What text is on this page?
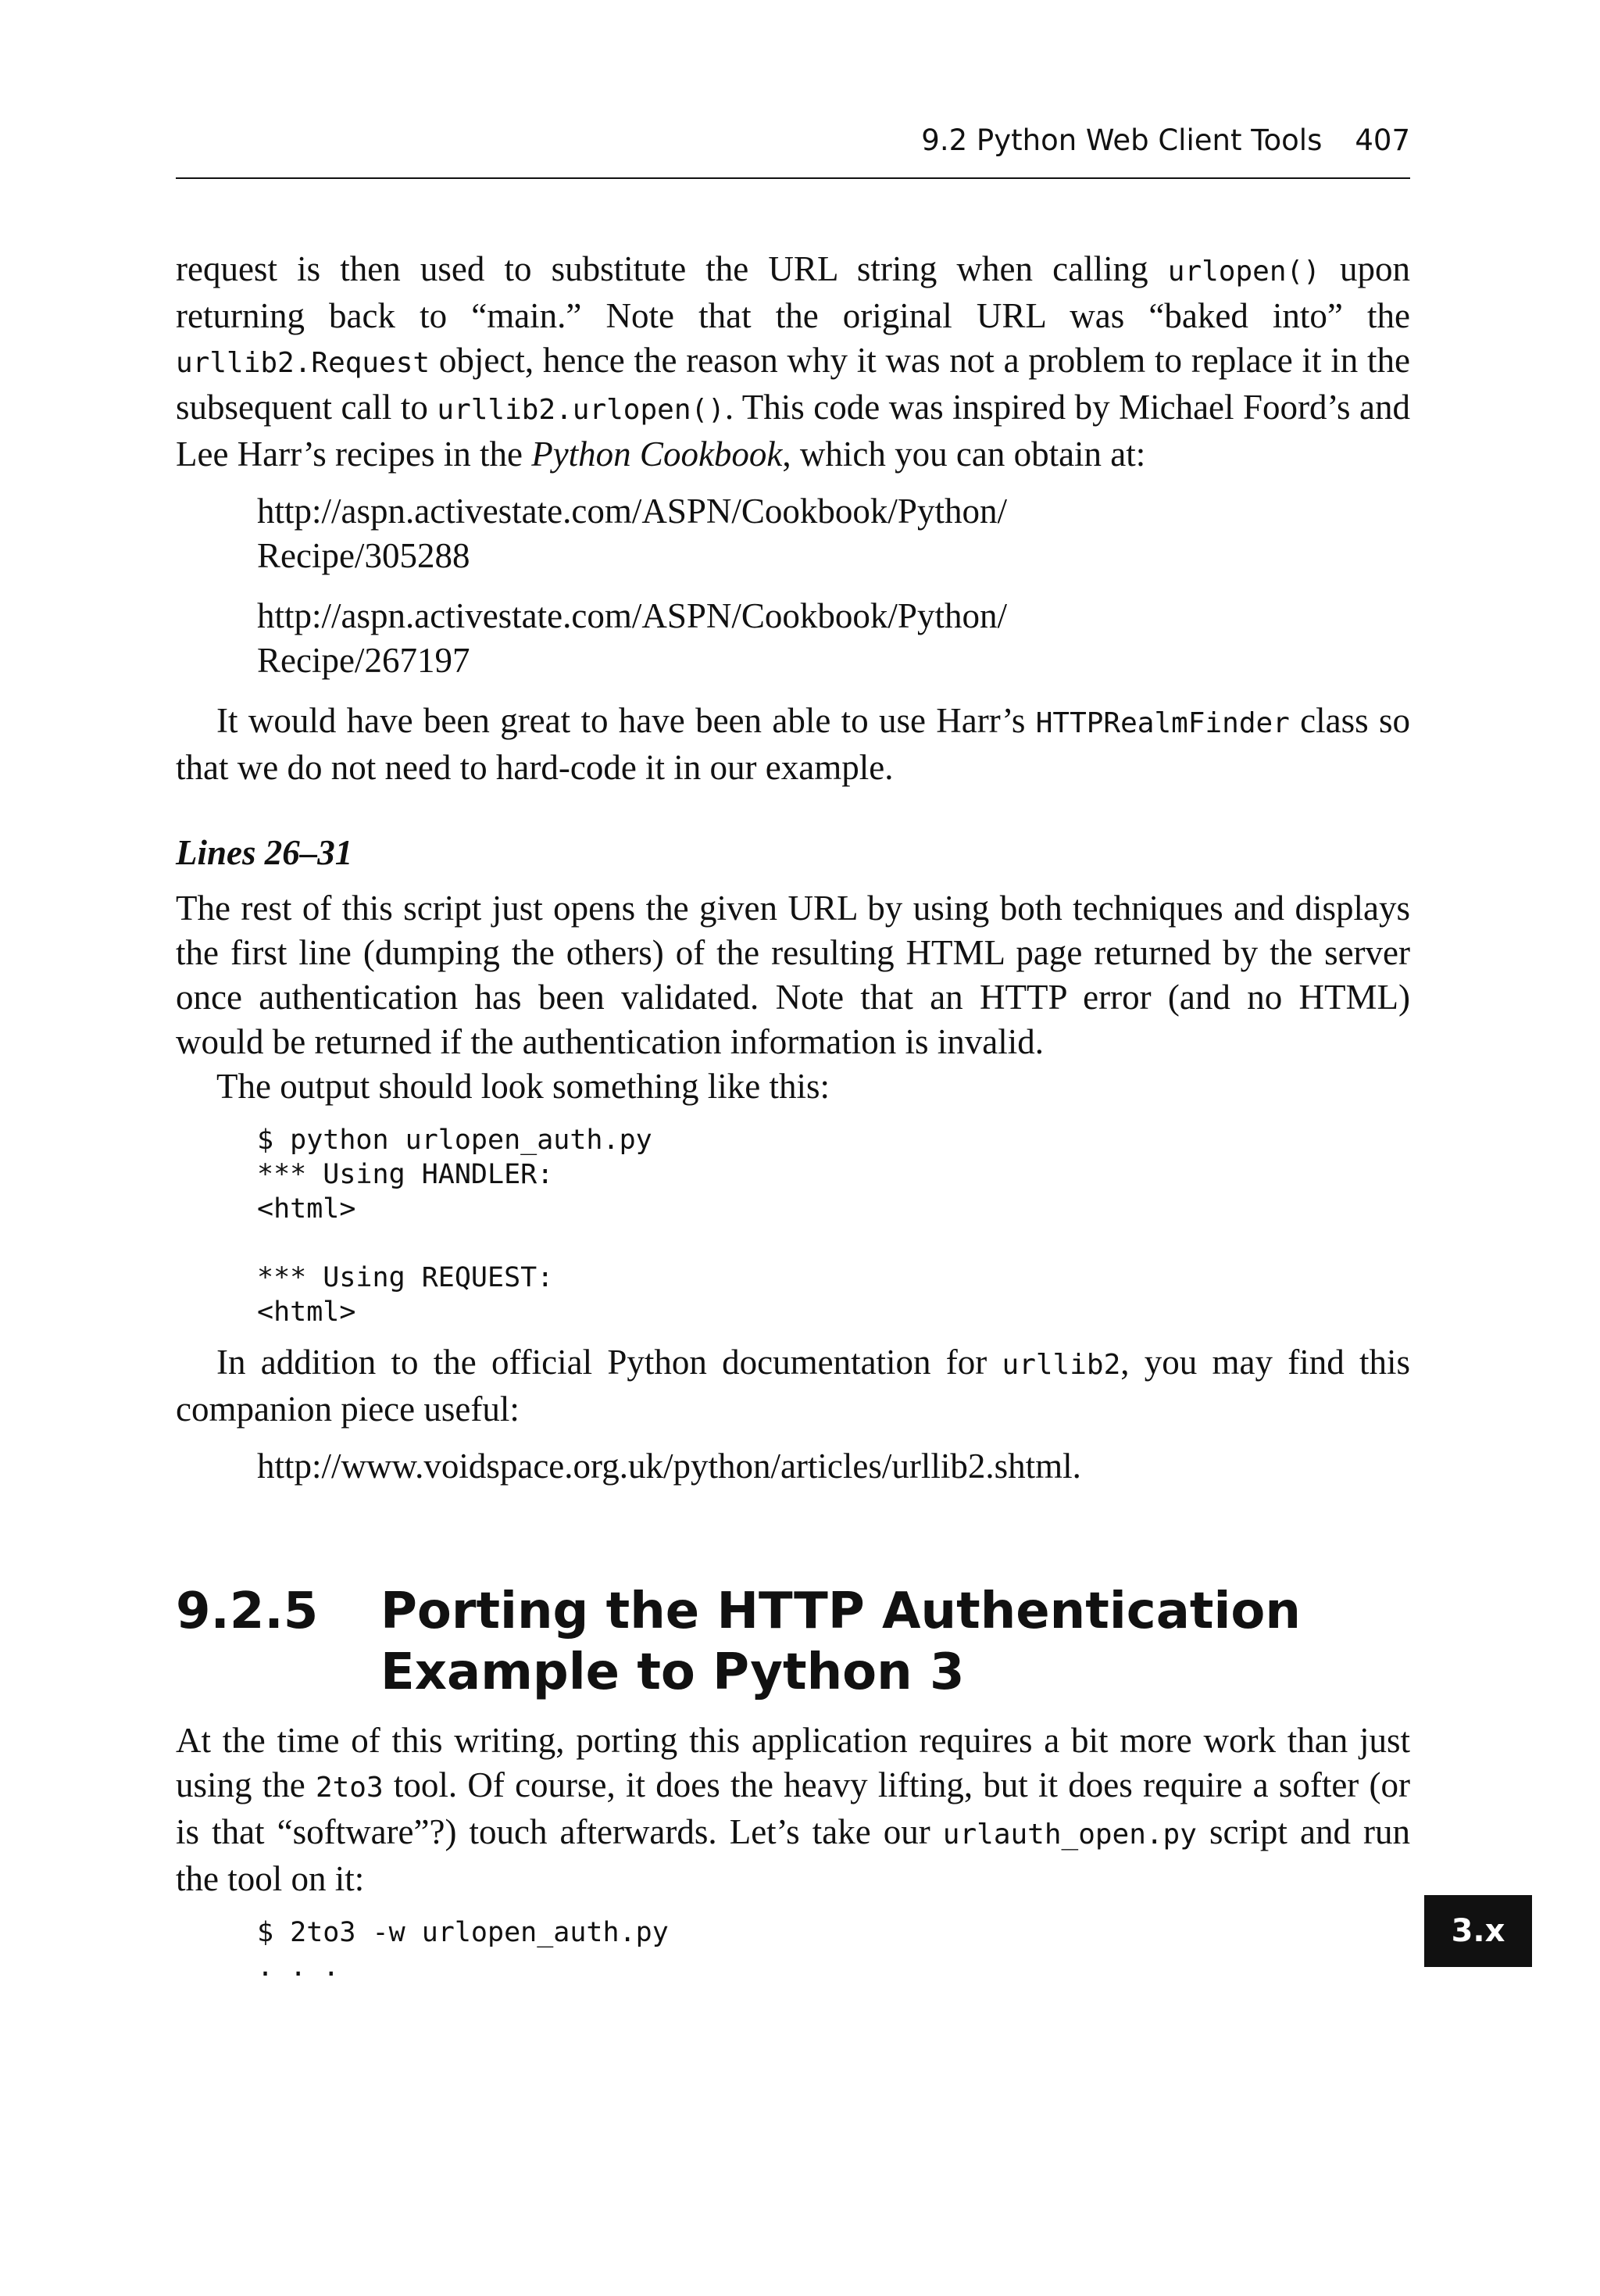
9.2 Python Web Client Tools 407

request is then used to substitute the URL string when calling urlopen() upon returning back to “main.” Note that the original URL was “baked into” the urllib2.Request object, hence the reason why it was not a problem to replace it in the subsequent call to urllib2.urlopen(). This code was inspired by Michael Foord’s and Lee Harr’s recipes in the Python Cookbook, which you can obtain at:

http://aspn.activestate.com/ASPN/Cookbook/Python/

Recipe/305288

http://aspn.activestate.com/ASPN/Cookbook/Python/

Recipe/267197

It would have been great to have been able to use Harr’s HTTPRealmFinder class so that we do not need to hard-code it in our example.

Lines 26–31

The rest of this script just opens the given URL by using both techniques and displays the first line (dumping the others) of the resulting HTML page returned by the server once authentication has been validated. Note that an HTTP error (and no HTML) would be returned if the authentication information is invalid.

The output should look something like this:

$ python urlopen_auth.py
*** Using HANDLER:
<html>

*** Using REQUEST:
<html>

In addition to the official Python documentation for urllib2, you may find this companion piece useful:

http://www.voidspace.org.uk/python/articles/urllib2.shtml.

9.2.5	Porting the HTTP Authentication Example to Python 3

At the time of this writing, porting this application requires a bit more work than just using the 2to3 tool. Of course, it does the heavy lifting, but it does require a softer (or is that “software”?) touch afterwards. Let’s take our urlauth_open.py script and run the tool on it:

$ 2to3 -w urlopen_auth.py
. . .
3.x
